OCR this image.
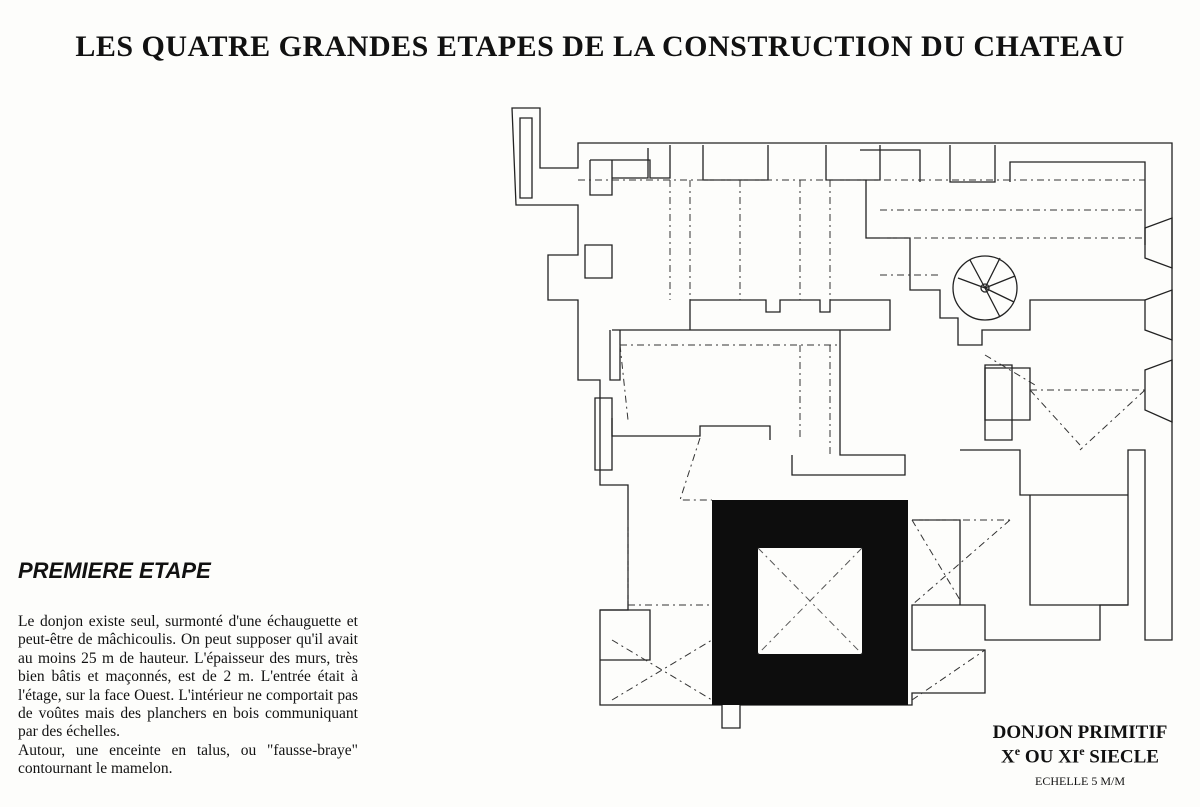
LES QUATRE GRANDES ETAPES DE LA CONSTRUCTION DU CHATEAU
PREMIERE ETAPE

Le donjon existe seul, surmonté d'une échauguette et peut-être de mâchicoulis. On peut supposer qu'il avait au moins 25 m de hauteur. L'épaisseur des murs, très bien bâtis et maçonnés, est de 2 m. L'entrée était à l'étage, sur la face Ouest. L'intérieur ne comportait pas de voûtes mais des planchers en bois communiquant par des échelles.

Autour, une enceinte en talus, ou "fausse-braye" contournant le mamelon.

DONJON PRIMITIF
Xe OU XIe SIECLE
ECHELLE 5 M/M
